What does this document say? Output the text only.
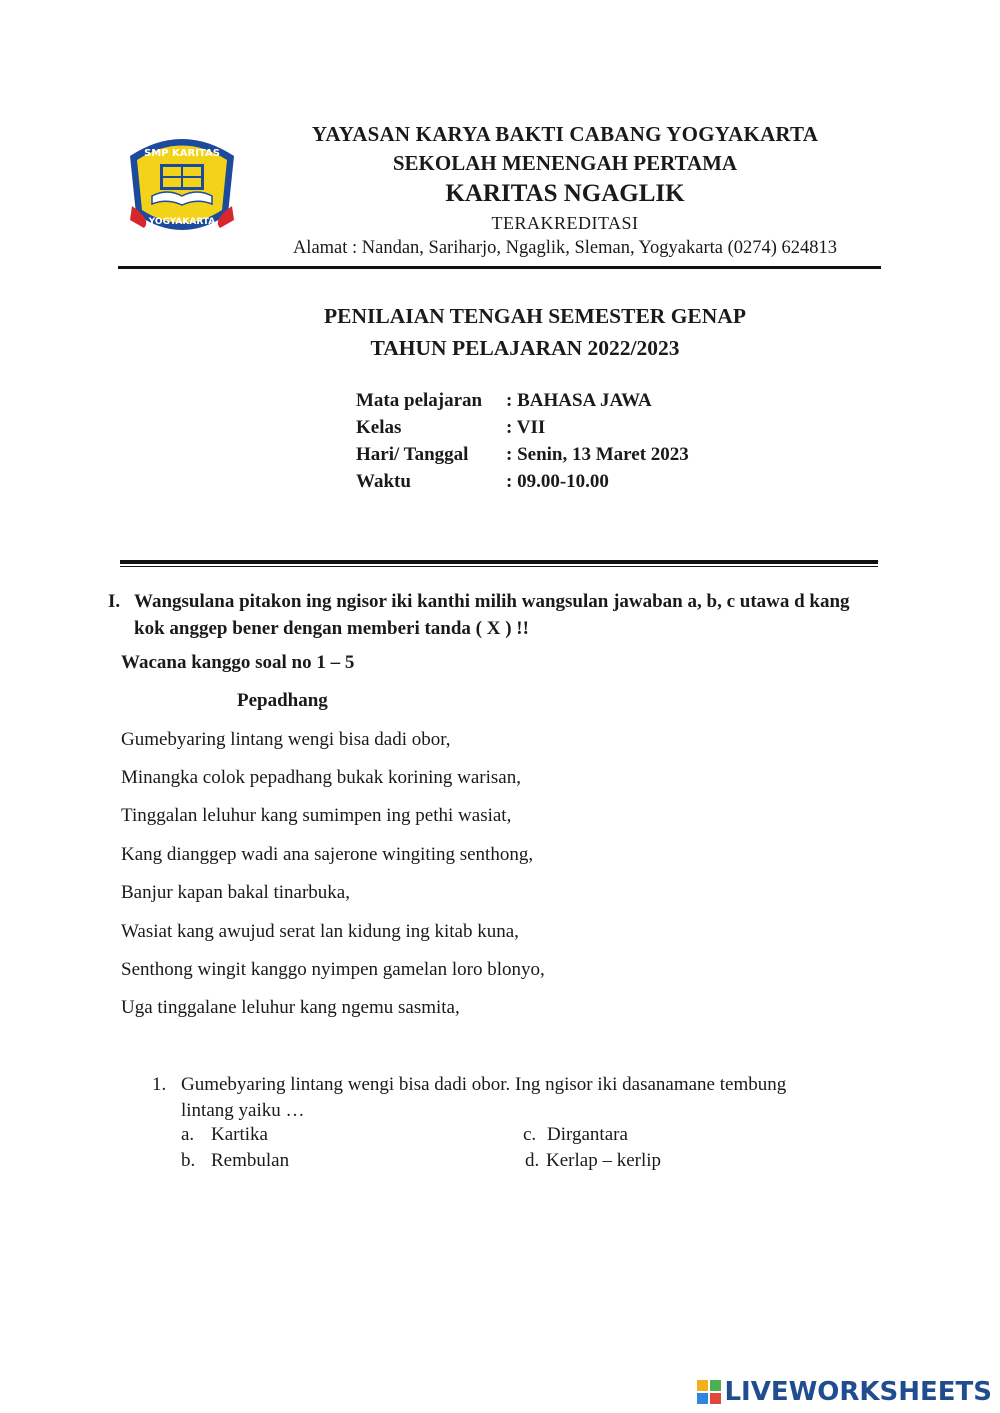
SMP KARITAS
YOGYAKARTA
YAYASAN KARYA BAKTI CABANG YOGYAKARTA
SEKOLAH MENENGAH PERTAMA
KARITAS NGAGLIK
TERAKREDITASI
Alamat : Nandan, Sariharjo, Ngaglik, Sleman, Yogyakarta (0274) 624813
PENILAIAN TENGAH SEMESTER GENAP
TAHUN PELAJARAN 2022/2023
Mata pelajaran : BAHASA JAWA
Kelas	: VII
Hari/ Tanggal : Senin, 13 Maret 2023
Waktu	: 09.00-10.00
I. Wangsulana pitakon ing ngisor iki kanthi milih wangsulan jawaban a, b, c utawa d kang kok anggep bener dengan memberi tanda ( X ) !!
Wacana kanggo soal no 1 – 5
Pepadhang
Gumebyaring lintang wengi bisa dadi obor,
Minangka colok pepadhang bukak korining warisan,
Tinggalan leluhur kang sumimpen ing pethi wasiat,
Kang dianggep wadi ana sajerone wingiting senthong,
Banjur kapan bakal tinarbuka,
Wasiat kang awujud serat lan kidung ing kitab kuna,
Senthong wingit kanggo nyimpen gamelan loro blonyo,
Uga tinggalane leluhur kang ngemu sasmita,
1. Gumebyaring lintang wengi bisa dadi obor. Ing ngisor iki dasanamane tembung lintang yaiku …
a. Kartika
b. Rembulan
c. Dirgantara
d. Kerlap – kerlip
LIVEWORKSHEETS
